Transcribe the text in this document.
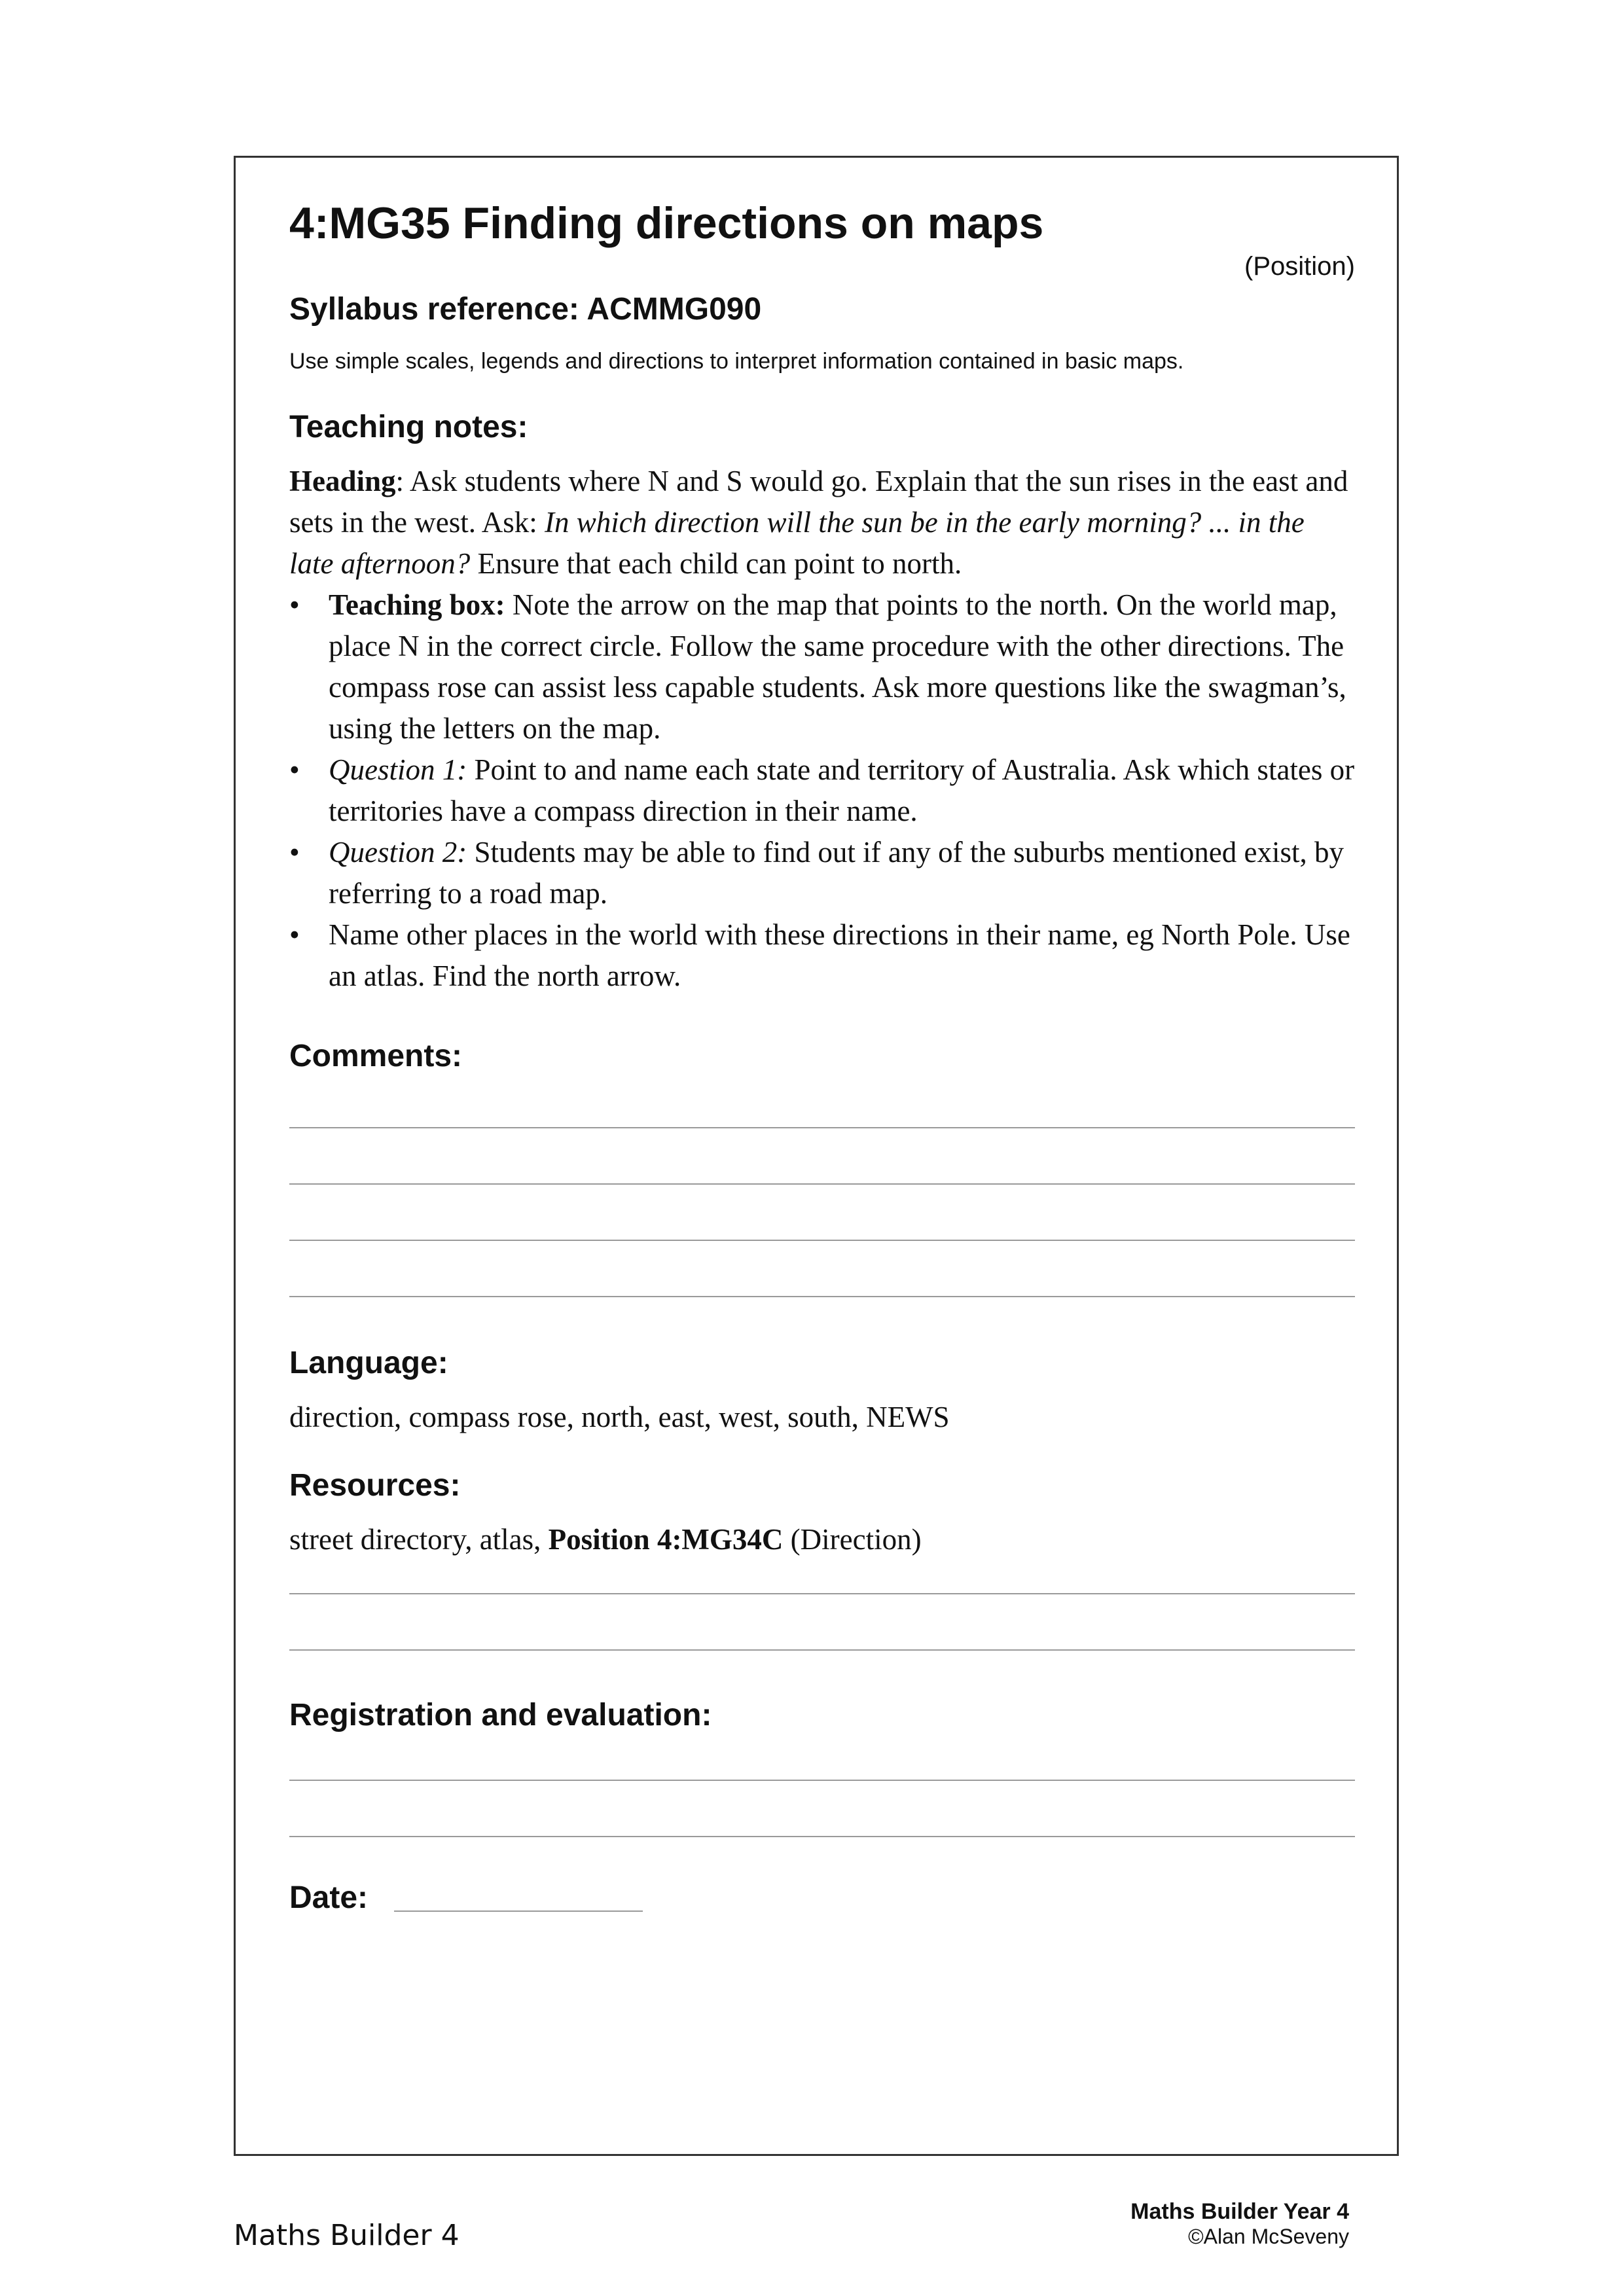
4:MG35 Finding directions on maps
(Position)
Syllabus reference: ACMMG090
Use simple scales, legends and directions to interpret information contained in basic maps.
Teaching notes:
Heading: Ask students where N and S would go. Explain that the sun rises in the east and sets in the west. Ask: In which direction will the sun be in the early morning? ... in the late afternoon? Ensure that each child can point to north.
• Teaching box: Note the arrow on the map that points to the north. On the world map, place N in the correct circle. Follow the same procedure with the other directions. The compass rose can assist less capable students. Ask more questions like the swagman’s, using the letters on the map.
• Question 1: Point to and name each state and territory of Australia. Ask which states or territories have a compass direction in their name.
• Question 2: Students may be able to find out if any of the suburbs mentioned exist, by referring to a road map.
• Name other places in the world with these directions in their name, eg North Pole. Use an atlas. Find the north arrow.
Comments:
Language:
direction, compass rose, north, east, west, south, NEWS
Resources:
street directory, atlas, Position 4:MG34C (Direction)
Registration and evaluation:
Date:
Maths Builder 4
Maths Builder Year 4
©Alan McSeveny
